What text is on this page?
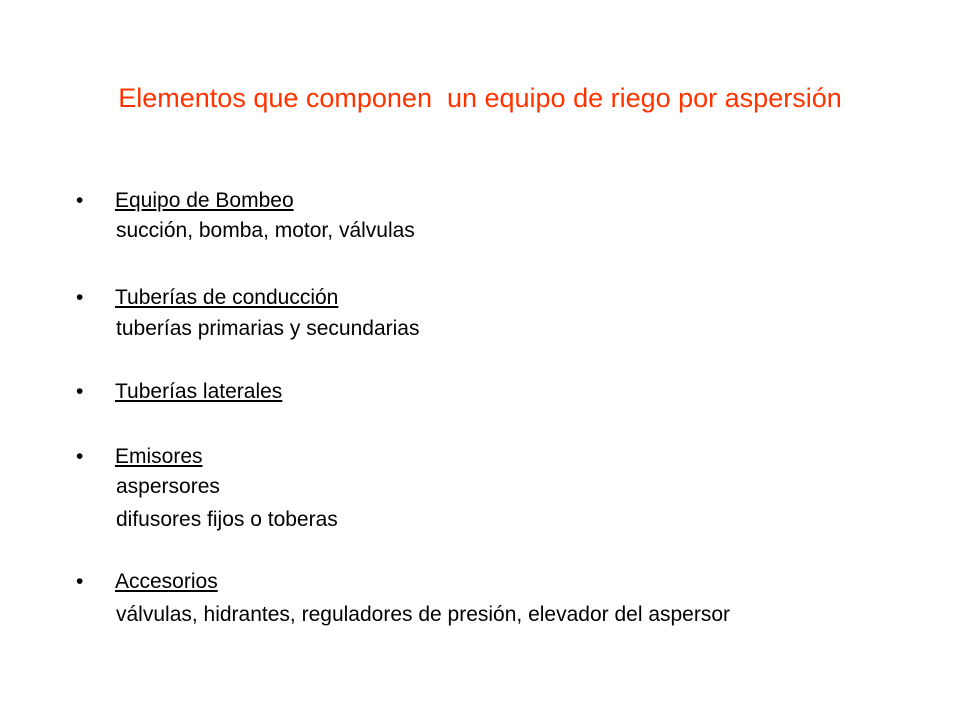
Elementos que componen  un equipo de riego por aspersión
• Equipo de Bombeo
succión, bomba, motor, válvulas
• Tuberías de conducción
tuberías primarias y secundarias
• Tuberías laterales
• Emisores
aspersores
difusores fijos o toberas
• Accesorios
válvulas, hidrantes, reguladores de presión, elevador del aspersor
